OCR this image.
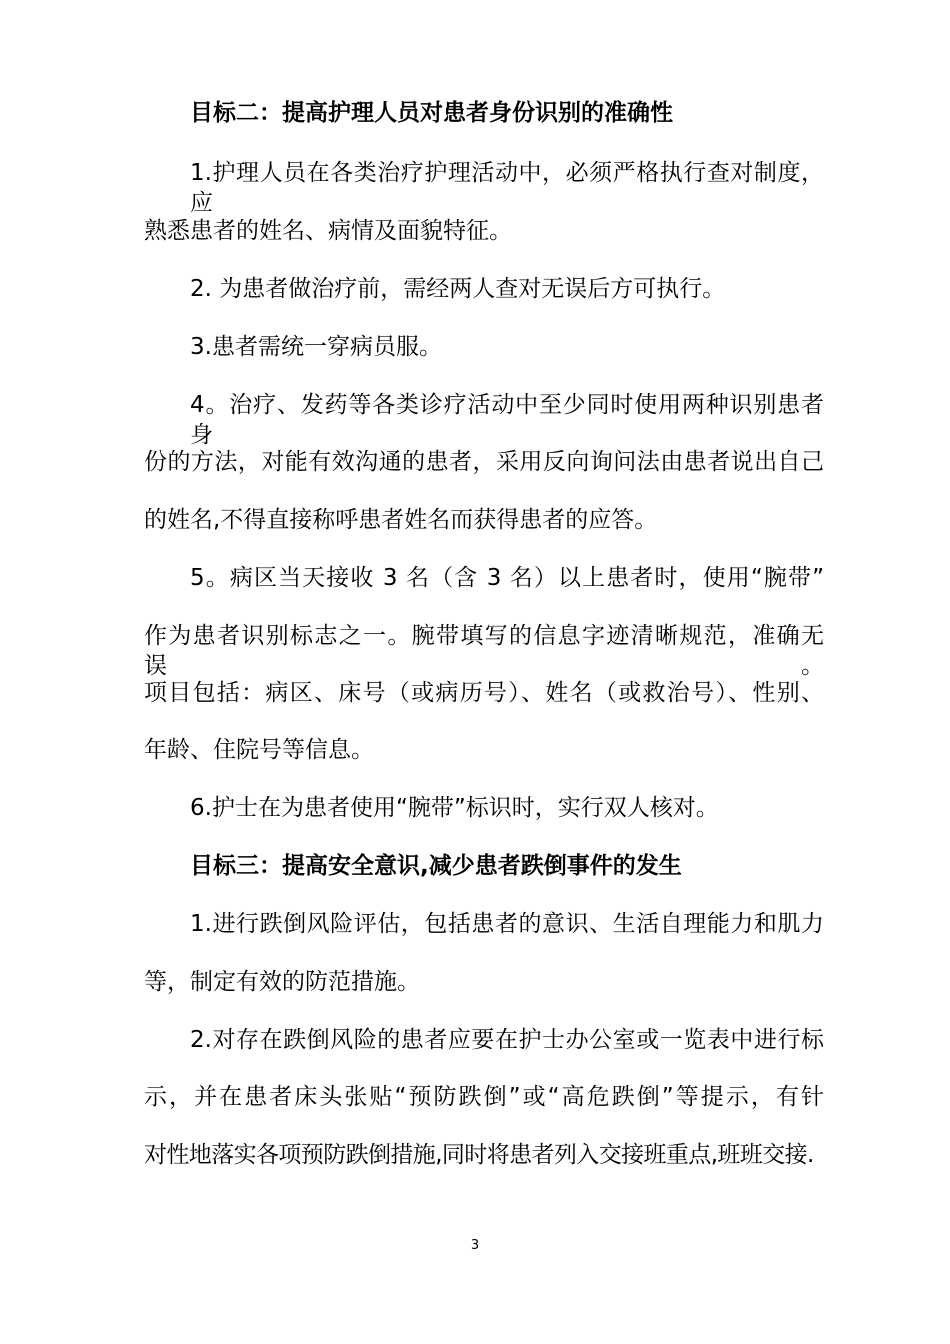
目标二：提高护理人员对患者身份识别的准确性
1.护理人员在各类治疗护理活动中，必须严格执行查对制度，应
熟悉患者的姓名、病情及面貌特征。
2. 为患者做治疗前，需经两人查对无误后方可执行。
3.患者需统一穿病员服。
4。治疗、发药等各类诊疗活动中至少同时使用两种识别患者身
份的方法，对能有效沟通的患者，采用反向询问法由患者说出自己
的姓名,不得直接称呼患者姓名而获得患者的应答。
5。病区当天接收 3 名（含 3 名）以上患者时，使用“腕带”
作为患者识别标志之一。腕带填写的信息字迹清晰规范，准确无误。
项目包括：病区、床号（或病历号）、姓名（或救治号）、性别、
年龄、住院号等信息。
6.护士在为患者使用“腕带”标识时，实行双人核对。
目标三：提高安全意识,减少患者跌倒事件的发生
1.进行跌倒风险评估，包括患者的意识、生活自理能力和肌力
等，制定有效的防范措施。
2.对存在跌倒风险的患者应要在护士办公室或一览表中进行标
示，并在患者床头张贴“预防跌倒”或“高危跌倒”等提示，有针
对性地落实各项预防跌倒措施,同时将患者列入交接班重点,班班交接.
3
